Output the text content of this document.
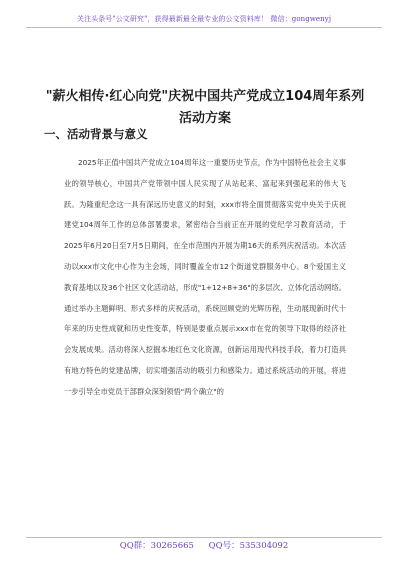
关注头条号"公文研究"，获得最新最全最专业的公文资料库！ 微信：gongwenyj
"薪火相传·红心向党"庆祝中国共产党成立104周年系列活动方案
一、活动背景与意义

2025年正值中国共产党成立104周年这一重要历史节点，作为中国特色社会主义事业的领导核心，中国共产党带领中国人民实现了从站起来、富起来到强起来的伟大飞跃。为隆重纪念这一具有深远历史意义的时刻，xxx市将全面贯彻落实党中央关于庆祝建党104周年工作的总体部署要求，紧密结合当前正在开展的党纪学习教育活动，于2025年6月20日至7月5日期间，在全市范围内开展为期16天的系列庆祝活动。本次活动以xxx市文化中心作为主会场，同时覆盖全市12个街道党群服务中心、8个爱国主义教育基地以及36个社区文化活动站，形成"1+12+8+36"的多层次、立体化活动网络。通过举办主题鲜明、形式多样的庆祝活动，系统回顾党的光辉历程，生动展现新时代十年来的历史性成就和历史性变革，特别是要重点展示xxx市在党的领导下取得的经济社会发展成果。活动将深入挖掘本地红色文化资源，创新运用现代科技手段，着力打造具有地方特色的党建品牌，切实增强活动的吸引力和感染力。通过系统活动的开展，将进一步引导全市党员干部群众深刻领悟"两个确立"的

QQ群：30265665 QQ号：535304092
